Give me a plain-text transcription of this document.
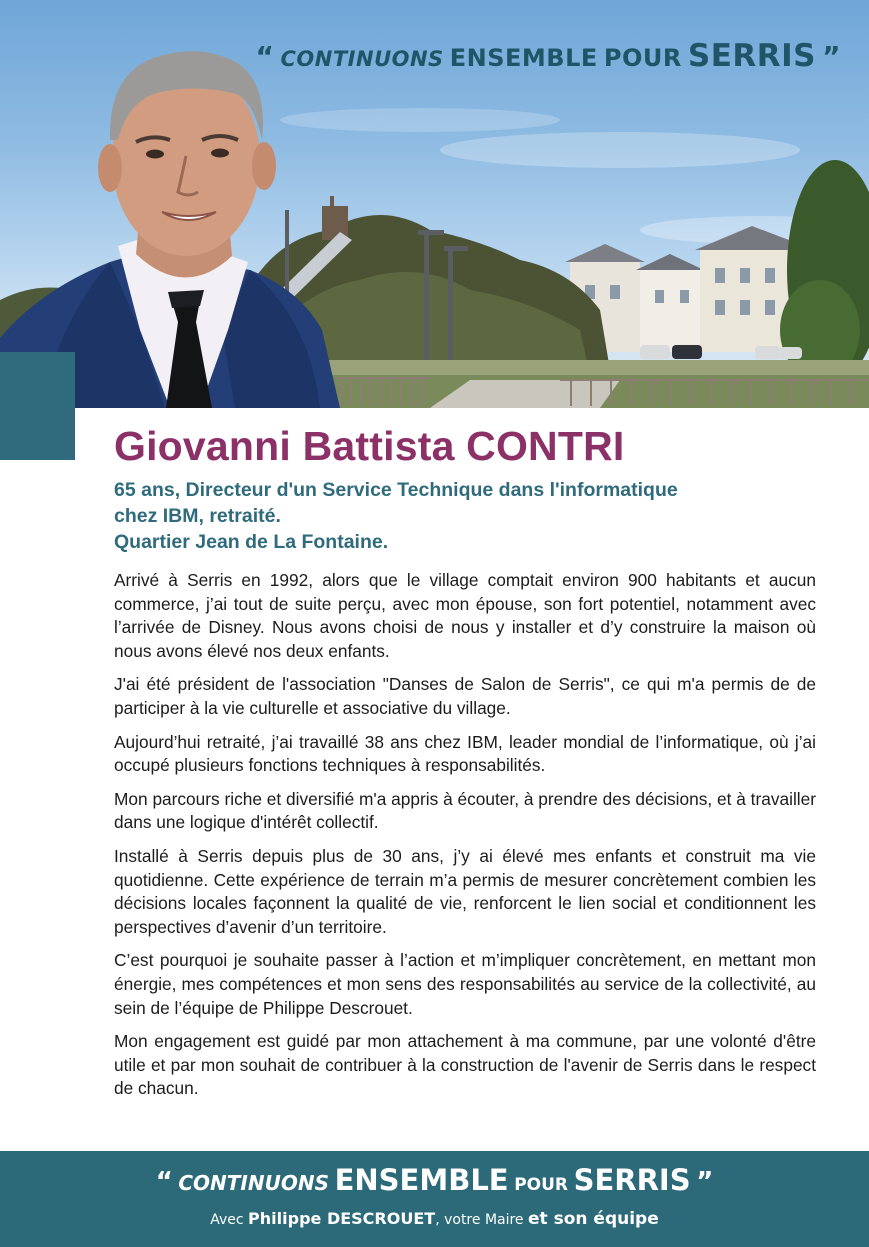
“ CONTINUONS ENSEMBLE POUR SERRIS ”
Giovanni Battista CONTRI
65 ans, Directeur d'un Service Technique dans l'informatique
chez IBM, retraité.
Quartier Jean de La Fontaine.

Arrivé à Serris en 1992, alors que le village comptait environ 900 habitants et aucun commerce, j’ai tout de suite perçu, avec mon épouse, son fort potentiel, notamment avec l’arrivée de Disney. Nous avons choisi de nous y installer et d’y construire la maison où nous avons élevé nos deux enfants.

J'ai été président de l'association "Danses de Salon de Serris", ce qui m'a permis de de participer à la vie culturelle et associative du village.

Aujourd’hui retraité, j’ai travaillé 38 ans chez IBM, leader mondial de l’informatique, où j’ai occupé plusieurs fonctions techniques à responsabilités.

Mon parcours riche et diversifié m'a appris à écouter, à prendre des décisions, et à travailler dans une logique d'intérêt collectif.

Installé à Serris depuis plus de 30 ans, j’y ai élevé mes enfants et construit ma vie quotidienne. Cette expérience de terrain m’a permis de mesurer concrètement combien les décisions locales façonnent la qualité de vie, renforcent le lien social et conditionnent les perspectives d’avenir d’un territoire.

C’est pourquoi je souhaite passer à l’action et m’impliquer concrètement, en mettant mon énergie, mes compétences et mon sens des responsabilités au service de la collectivité, au sein de l’équipe de Philippe Descrouet.

Mon engagement est guidé par mon attachement à ma commune, par une volonté d'être utile et par mon souhait de contribuer à la construction de l'avenir de Serris dans le respect de chacun.

“ CONTINUONS ENSEMBLE POUR SERRIS ”
Avec Philippe DESCROUET, votre Maire et son équipe
